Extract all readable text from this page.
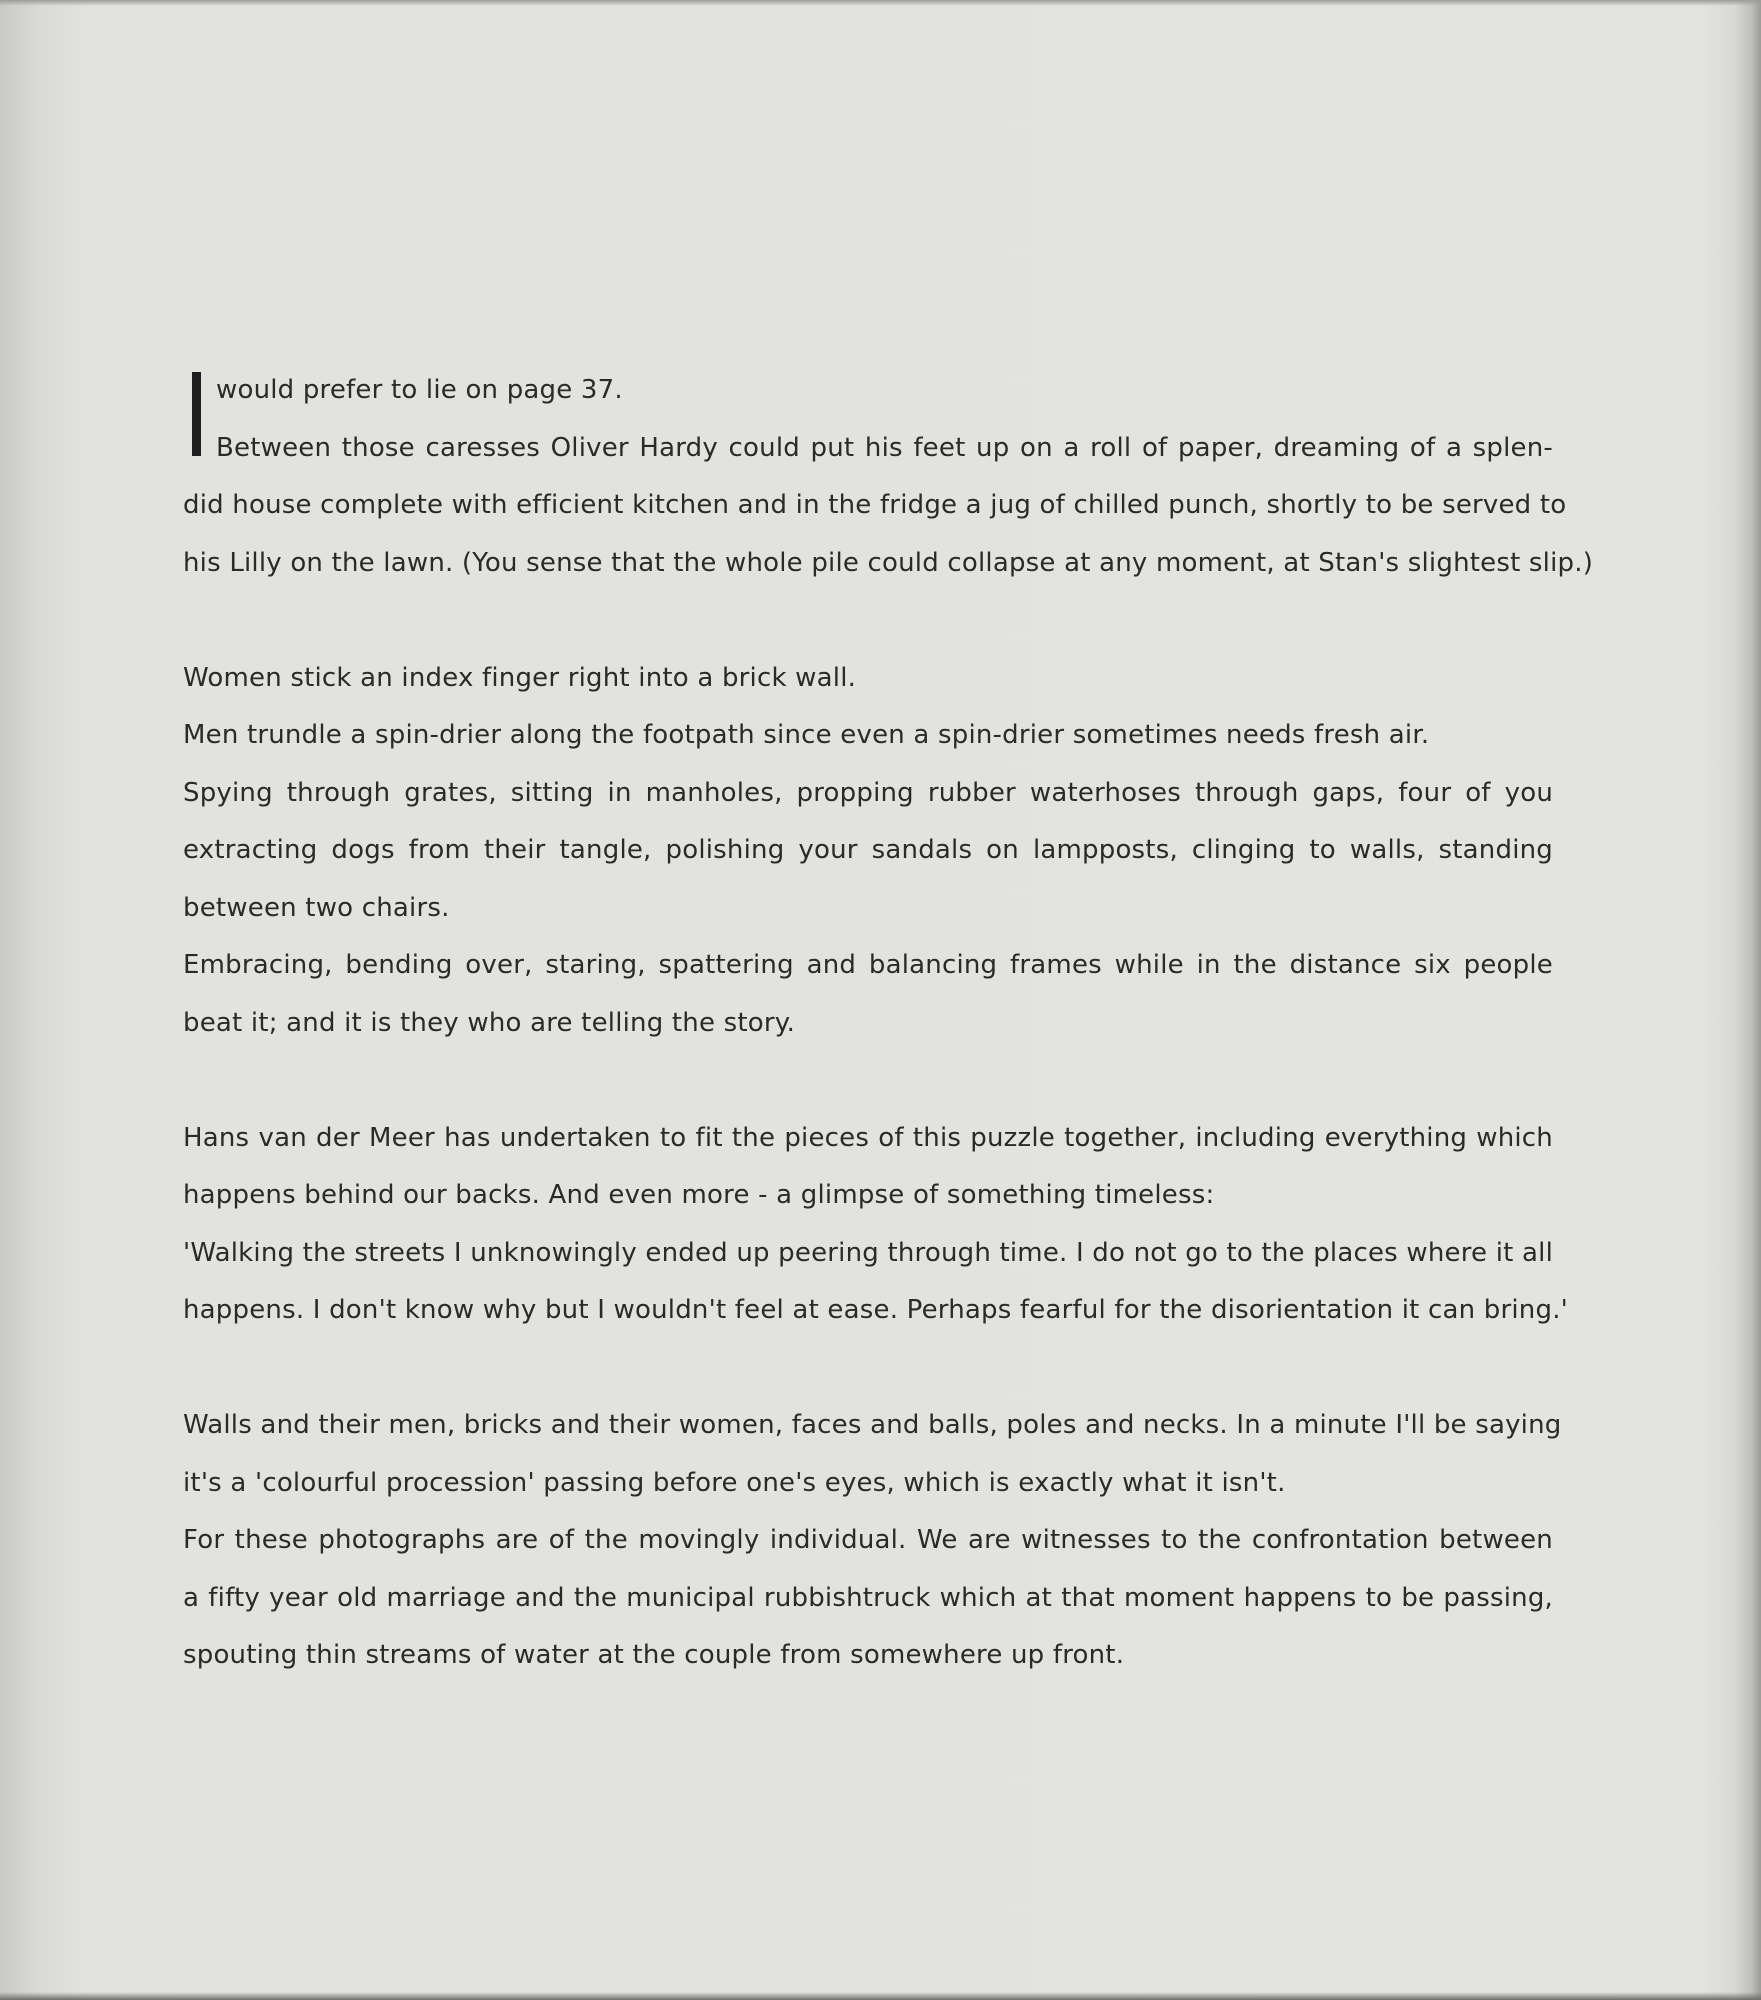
would prefer to lie on page 37.
Between those caresses Oliver Hardy could put his feet up on a roll of paper, dreaming of a splen-
did house complete with efficient kitchen and in the fridge a jug of chilled punch, shortly to be served to
his Lilly on the lawn. (You sense that the whole pile could collapse at any moment, at Stan's slightest slip.)
Women stick an index finger right into a brick wall.
Men trundle a spin-drier along the footpath since even a spin-drier sometimes needs fresh air.
Spying through grates, sitting in manholes, propping rubber waterhoses through gaps, four of you
extracting dogs from their tangle, polishing your sandals on lampposts, clinging to walls, standing
between two chairs.
Embracing, bending over, staring, spattering and balancing frames while in the distance six people
beat it; and it is they who are telling the story.
Hans van der Meer has undertaken to fit the pieces of this puzzle together, including everything which
happens behind our backs. And even more - a glimpse of something timeless:
'Walking the streets I unknowingly ended up peering through time. I do not go to the places where it all
happens. I don't know why but I wouldn't feel at ease. Perhaps fearful for the disorientation it can bring.'
Walls and their men, bricks and their women, faces and balls, poles and necks. In a minute I'll be saying
it's a 'colourful procession' passing before one's eyes, which is exactly what it isn't.
For these photographs are of the movingly individual. We are witnesses to the confrontation between
a fifty year old marriage and the municipal rubbishtruck which at that moment happens to be passing,
spouting thin streams of water at the couple from somewhere up front.
